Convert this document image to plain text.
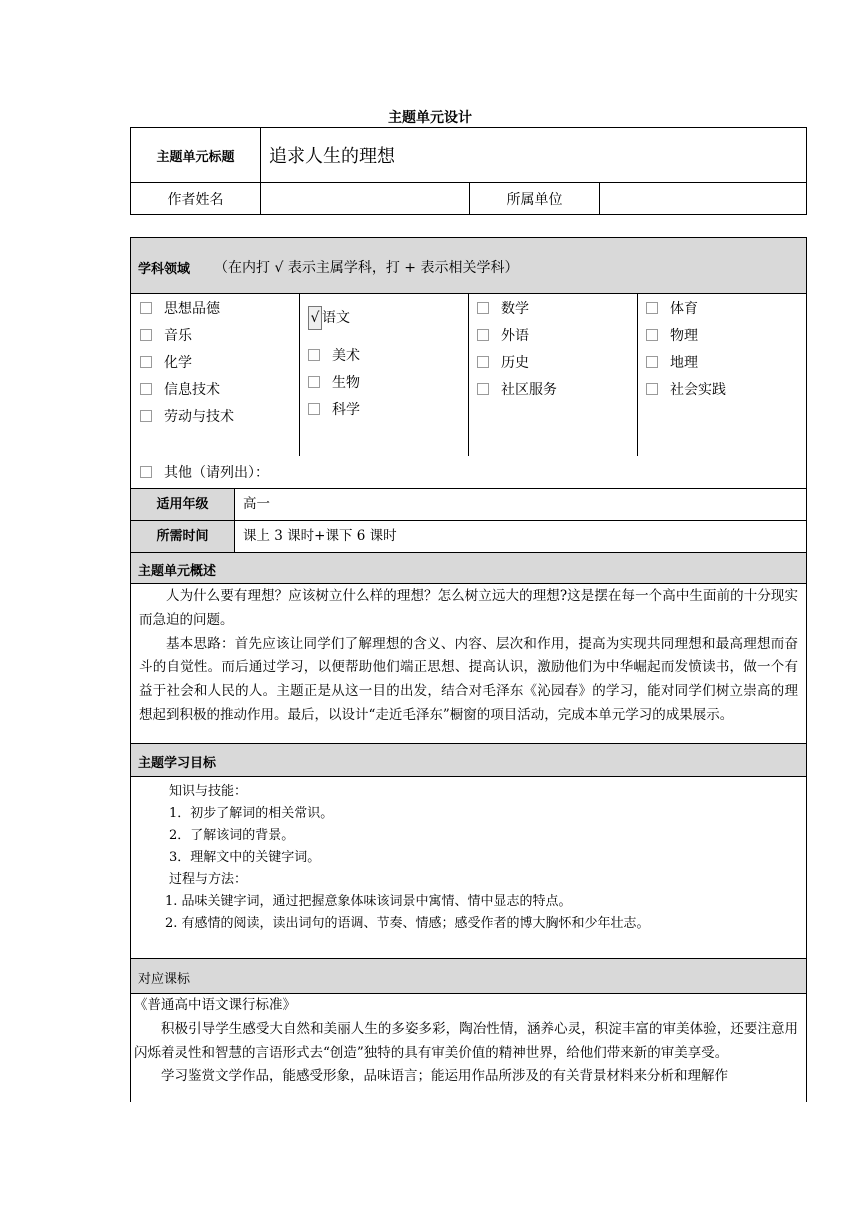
主题单元设计
主题单元标题	追求人生的理想		
作者姓名		所属单位	
学科领域 （在内打 √ 表示主属学科，打 + 表示相关学科）
思想品德
音乐
化学
信息技术
劳动与技术
√ 语文
美术
生物
科学
数学
外语
历史
社区服务
体育
物理
地理
社会实践
其他（请列出）：
适用年级	高一
所需时间	课上 3 课时+课下 6 课时
主题单元概述

人为什么要有理想？应该树立什么样的理想？怎么树立远大的理想?这是摆在每一个高中生面前的十分现实而急迫的问题。

基本思路：首先应该让同学们了解理想的含义、内容、层次和作用，提高为实现共同理想和最高理想而奋斗的自觉性。而后通过学习，以便帮助他们端正思想、提高认识，激励他们为中华崛起而发愤读书，做一个有益于社会和人民的人。主题正是从这一目的出发，结合对毛泽东《沁园春》的学习，能对同学们树立崇高的理想起到积极的推动作用。最后，以设计“走近毛泽东”橱窗的项目活动，完成本单元学习的成果展示。

主题学习目标
知识与技能：
1．初步了解词的相关常识。
2．了解该词的背景。
3．理解文中的关键字词。
过程与方法：
1. 品味关键字词，通过把握意象体味该词景中寓情、情中显志的特点。
2. 有感情的阅读，读出词句的语调、节奏、情感；感受作者的博大胸怀和少年壮志。
对应课标

《普通高中语文课行标准》

积极引导学生感受大自然和美丽人生的多姿多彩，陶冶性情，涵养心灵，积淀丰富的审美体验，还要注意用闪烁着灵性和智慧的言语形式去“创造”独特的具有审美价值的精神世界，给他们带来新的审美享受。

学习鉴赏文学作品，能感受形象，品味语言；能运用作品所涉及的有关背景材料来分析和理解作
